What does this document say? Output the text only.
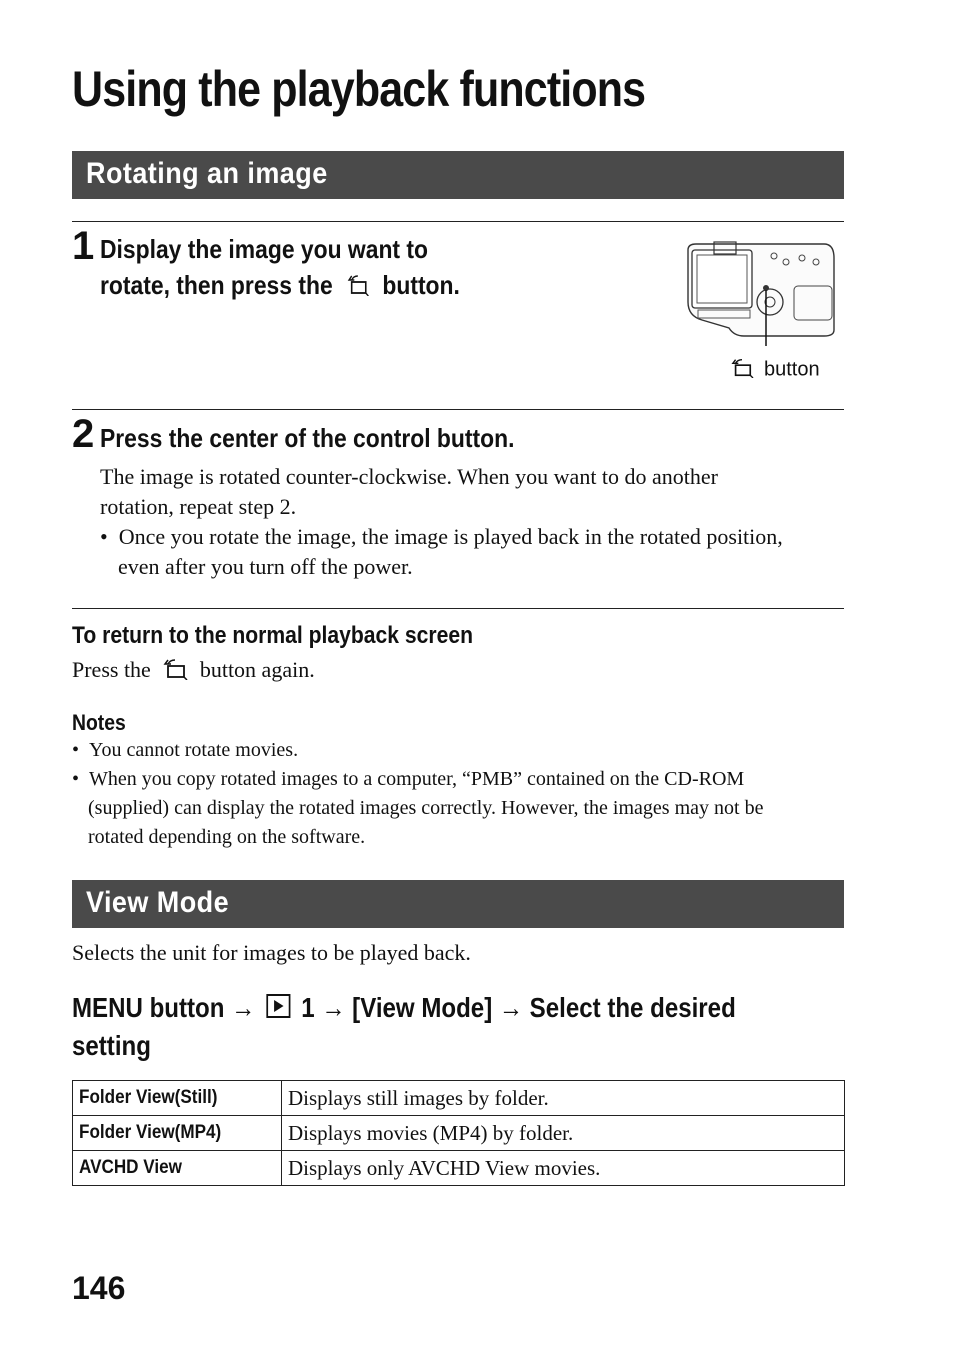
Using the playback functions
Rotating an image
1 Display the image you want to
rotate, then press the button.
button
2 Press the center of the control button.
The image is rotated counter-clockwise. When you want to do another
rotation, repeat step 2.
• Once you rotate the image, the image is played back in the rotated position,
even after you turn off the power.
To return to the normal playback screen
Press the button again.
Notes
• You cannot rotate movies.
• When you copy rotated images to a computer, “PMB” contained on the CD-ROM
(supplied) can display the rotated images correctly. However, the images may not be
rotated depending on the software.
View Mode
Selects the unit for images to be played back.
MENU button → 1 → [View Mode] → Select the desired
setting
Folder View(Still)	Displays still images by folder.
Folder View(MP4)	Displays movies (MP4) by folder.
AVCHD View	Displays only AVCHD View movies.
146
